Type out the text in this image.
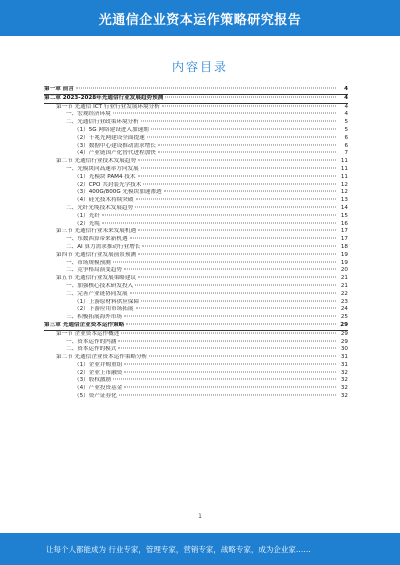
光通信企业资本运作策略研究报告
内容目录
第一章 前言	4
第二章 2023-2028年光通信行业发展趋势预测	4
第一节 光通信 ICT 行业行业发展环境分析	4
一、宏观经济环境	4
二、光通信行业政策环境分析	5
（1）5G 网络建设进入加速期	5
（2）千兆光网建设全面提速	6
（3）数据中心建设推动需求增长	6
（4）产业链国产化替代进程加快	7
第二节 光通信行业技术发展趋势	11
一、光模块向高速率方向发展	11
（1）光模块 PAM4 技术	11
（2）CPO 共封装光学技术	12
（3）400G/800G 光模块加速渗透	12
（4）硅光技术持续突破	13
二、光纤光缆技术发展趋势	14
（1）光纤	15
（2）光缆	16
第三节 光通信行业未来发展机遇	17
一、东数西算带来新机遇	17
二、AI 算力需求推动行业增长	18
第四节 光通信行业发展前景预测	19
一、市场规模预测	19
二、竞争格局演变趋势	20
第五节 光通信行业发展策略建议	21
一、加强核心技术研发投入	21
二、完善产业链协同发展	22
（1）上游原材料供应保障	23
（2）下游应用市场拓展	24
三、积极拓展海外市场	25
第三章 光通信企业资本运作策略	29
第一节 企业资本运作概述	29
一、资本运作的内涵	29
二、资本运作的模式	30
第二节 光通信企业资本运作策略分析	31
（1）企业并购重组	31
（2）企业上市融资	32
（3）股权激励	32
（4）产业投资基金	32
（5）资产证券化	32
1
让每个人都能成为 行业专家，管理专家，营销专家，战略专家，成为企业家……
